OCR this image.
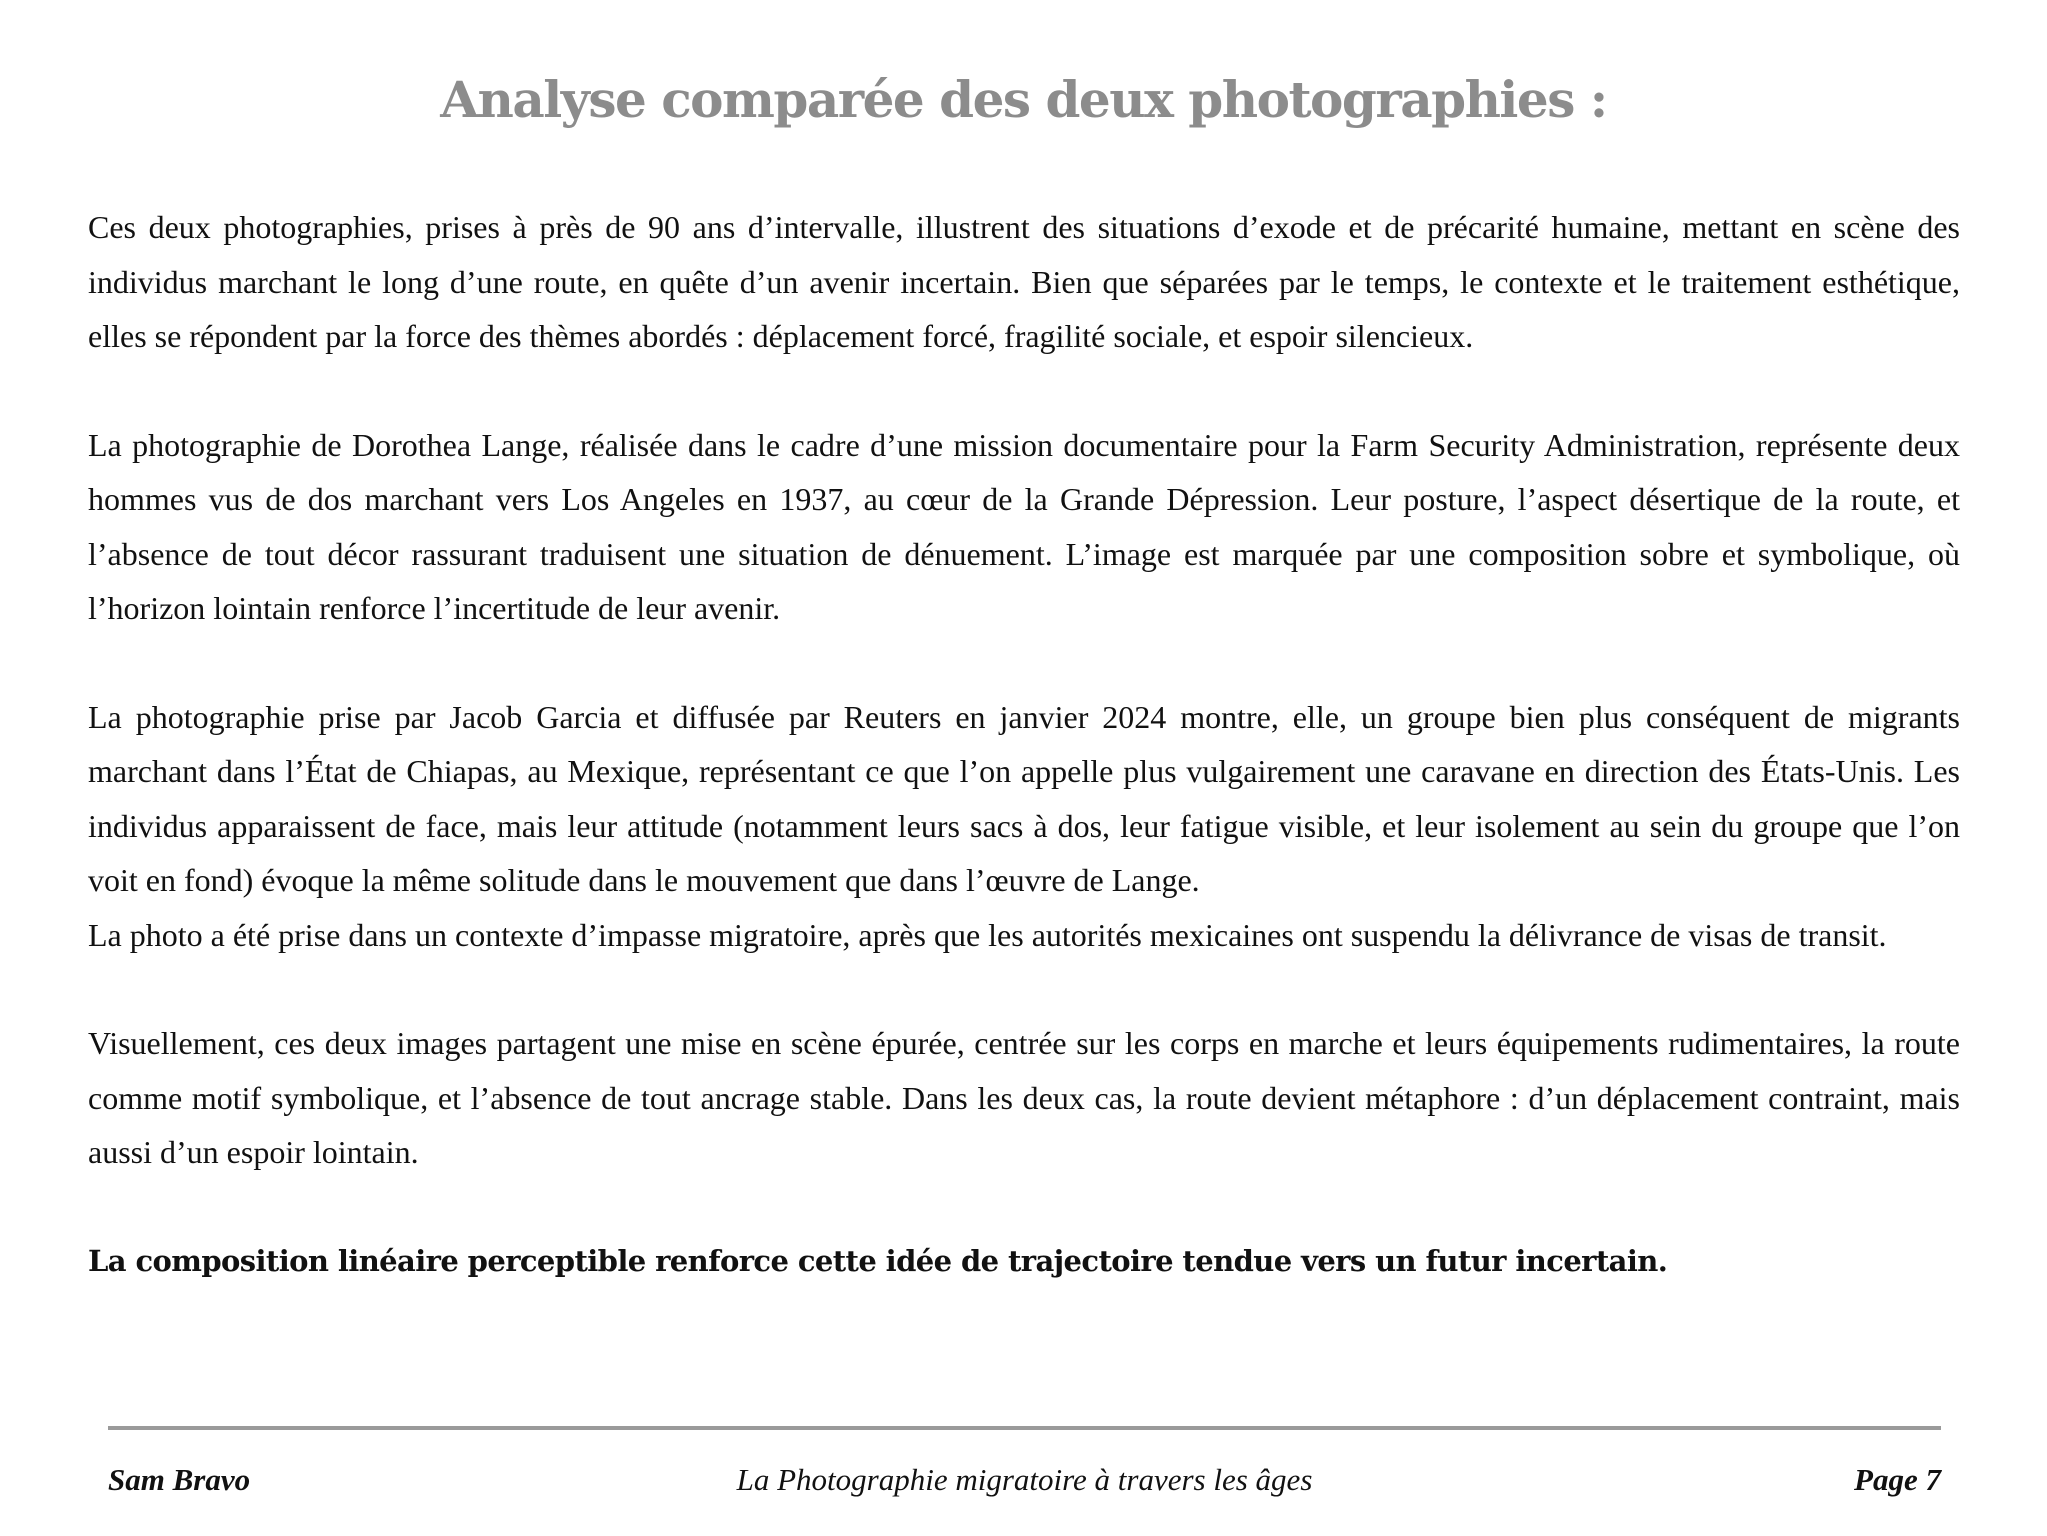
Analyse comparée des deux photographies :

Ces deux photographies, prises à près de 90 ans d’intervalle, illustrent des situations d’exode et de précarité humaine, mettant en scène des individus marchant le long d’une route, en quête d’un avenir incertain. Bien que séparées par le temps, le contexte et le traitement esthétique, elles se répondent par la force des thèmes abordés : déplacement forcé, fragilité sociale, et espoir silencieux.

La photographie de Dorothea Lange, réalisée dans le cadre d’une mission documentaire pour la Farm Security Administration, représente deux hommes vus de dos marchant vers Los Angeles en 1937, au cœur de la Grande Dépression. Leur posture, l’aspect désertique de la route, et l’absence de tout décor rassurant traduisent une situation de dénuement. L’image est marquée par une composition sobre et symbolique, où l’horizon lointain renforce l’incertitude de leur avenir.

La photographie prise par Jacob Garcia et diffusée par Reuters en janvier 2024 montre, elle, un groupe bien plus conséquent de migrants marchant dans l’État de Chiapas, au Mexique, représentant ce que l’on appelle plus vulgairement une caravane en direction des États-Unis. Les individus apparaissent de face, mais leur attitude (notamment leurs sacs à dos, leur fatigue visible, et leur isolement au sein du groupe que l’on voit en fond) évoque la même solitude dans le mouvement que dans l’œuvre de Lange.

La photo a été prise dans un contexte d’impasse migratoire, après que les autorités mexicaines ont suspendu la délivrance de visas de transit.

Visuellement, ces deux images partagent une mise en scène épurée, centrée sur les corps en marche et leurs équipements rudimentaires, la route comme motif symbolique, et l’absence de tout ancrage stable. Dans les deux cas, la route devient métaphore : d’un déplacement contraint, mais aussi d’un espoir lointain.

La composition linéaire perceptible renforce cette idée de trajectoire tendue vers un futur incertain.

La Photographie migratoire à travers les âges
Sam Bravo	Page 7
